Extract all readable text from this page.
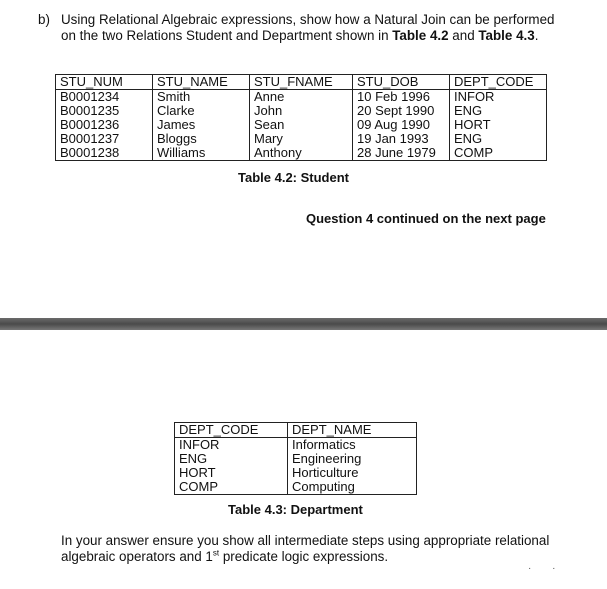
b) Using Relational Algebraic expressions, show how a Natural Join can be performed on the two Relations Student and Department shown in Table 4.2 and Table 4.3.
STU_NUM	STU_NAME	STU_FNAME	STU_DOB	DEPT_CODE
B0001234	Smith	Anne	10 Feb 1996	INFOR
B0001235	Clarke	John	20 Sept 1990	ENG
B0001236	James	Sean	09 Aug 1990	HORT
B0001237	Bloggs	Mary	19 Jan 1993	ENG
B0001238	Williams	Anthony	28 June 1979	COMP
Table 4.2: Student
Question 4 continued on the next page
DEPT_CODE	DEPT_NAME
INFOR	Informatics
ENG	Engineering
HORT	Horticulture
COMP	Computing
Table 4.3: Department
In your answer ensure you show all intermediate steps using appropriate relational
algebraic operators and 1st predicate logic expressions.
· ·
